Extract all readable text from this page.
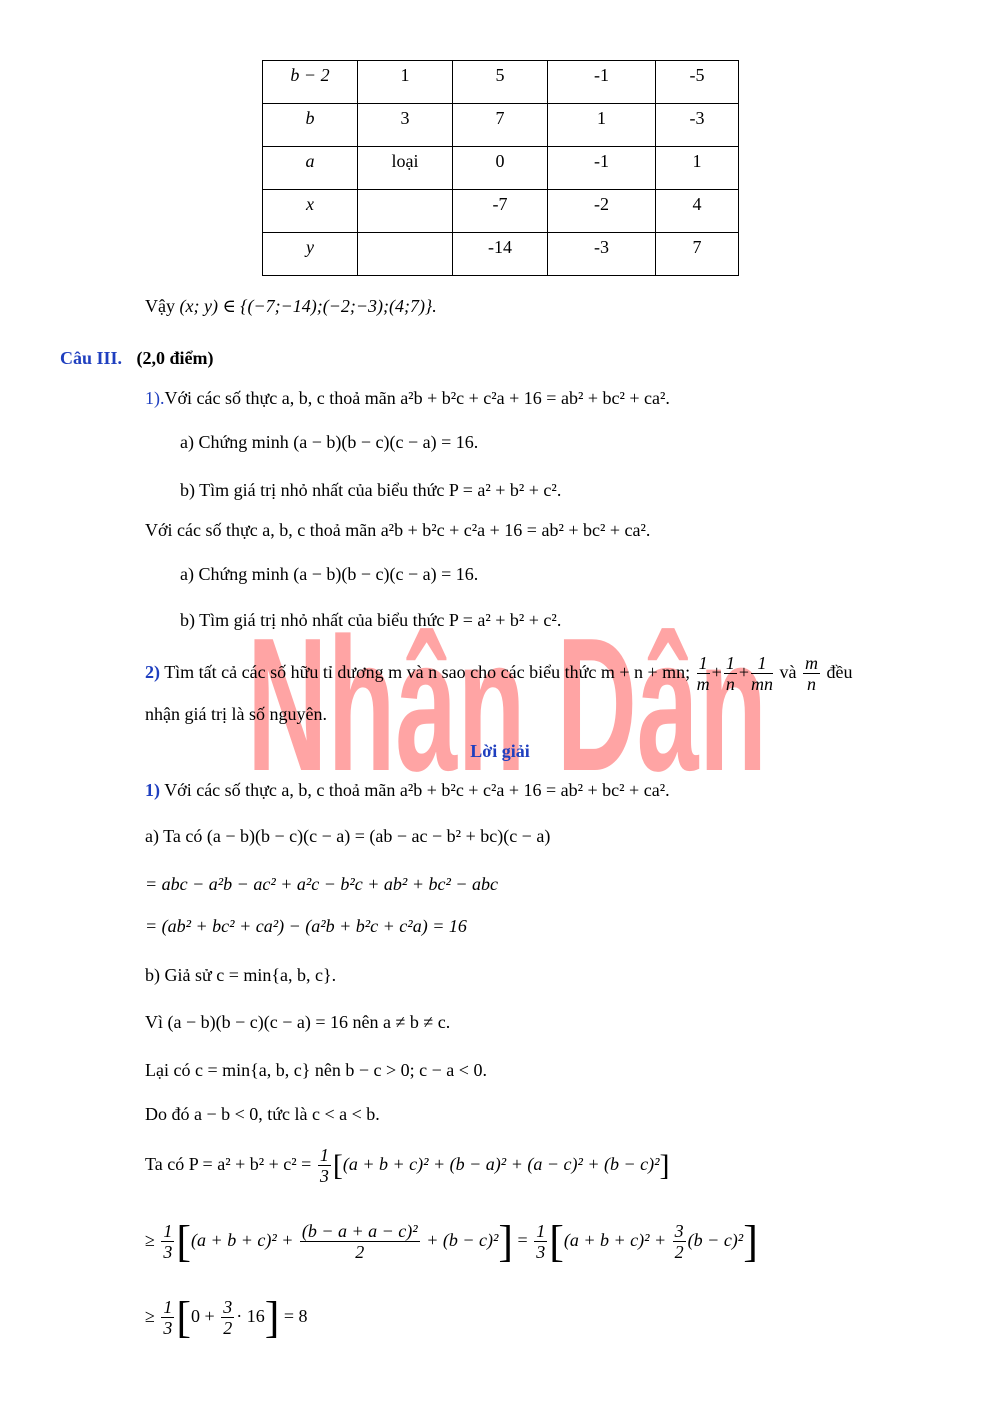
Nhân Dân
b − 2	1	5	-1	-5
b	3	7	1	-3
a	loại	0	-1	1
x		-7	-2	4
y		-14	-3	7
Vậy (x; y) ∈ {(−7;−14);(−2;−3);(4;7)}.
Câu III. (2,0 điểm)
1).Với các số thực a, b, c thoả mãn a²b + b²c + c²a + 16 = ab² + bc² + ca².
a) Chứng minh (a − b)(b − c)(c − a) = 16.
b) Tìm giá trị nhỏ nhất của biểu thức P = a² + b² + c².
Với các số thực a, b, c thoả mãn a²b + b²c + c²a + 16 = ab² + bc² + ca².
a) Chứng minh (a − b)(b − c)(c − a) = 16.
b) Tìm giá trị nhỏ nhất của biểu thức P = a² + b² + c².
2) Tìm tất cả các số hữu tỉ dương m và n sao cho các biểu thức m + n + mn; $\frac{1}{m} + \frac{1}{n} + \frac{1}{mn}$ và $\frac{m}{n}$ đều
nhận giá trị là số nguyên.
Lời giải
1) Với các số thực a, b, c thoả mãn a²b + b²c + c²a + 16 = ab² + bc² + ca².
a) Ta có (a − b)(b − c)(c − a) = (ab − ac − b² + bc)(c − a)
= abc − a²b − ac² + a²c − b²c + ab² + bc² − abc
= (ab² + bc² + ca²) − (a²b + b²c + c²a) = 16
b) Giả sử c = min{a, b, c}.
Vì (a − b)(b − c)(c − a) = 16 nên a ≠ b ≠ c.
Lại có c = min{a, b, c} nên b − c > 0; c − a < 0.
Do đó a − b < 0, tức là c < a < b.
Ta có $P = a^2 + b^2 + c^2 = \frac{1}{3} [(a + b + c)^2 + (b - a)^2 + (a - c)^2 + (b - c)^2]$
≥ $\frac{1}{3} [(a + b + c)^2 + \frac{\text{(b − a + a − c)²}}{2} + (b - c)^2] = \frac{1}{3} [(a + b + c)^2 + \frac{3}{2} (b - c)^2]$
≥ $\frac{1}{3} [0 + \frac{3}{2} \cdot 16] = 8$
